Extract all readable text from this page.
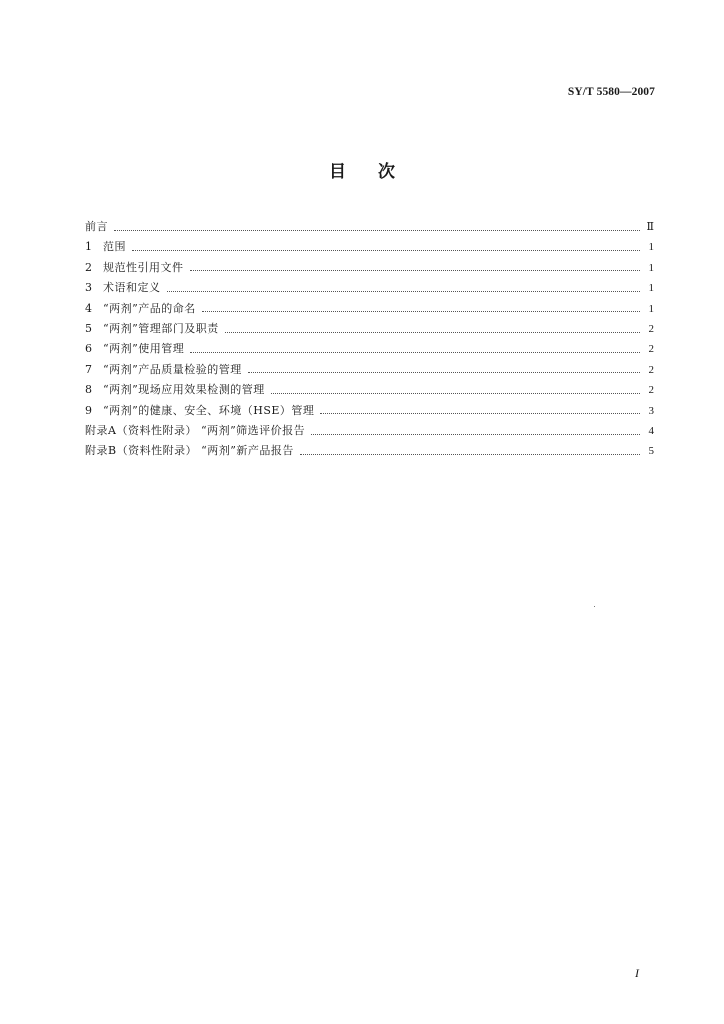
SY/T 5580—2007
目次
前言	Ⅱ
1	范围	1
2	规范性引用文件	1
3	术语和定义	1
4	“两剂”产品的命名	1
5	“两剂”管理部门及职责	2
6	“两剂”使用管理	2
7	“两剂”产品质量检验的管理	2
8	“两剂”现场应用效果检测的管理	2
9	“两剂”的健康、安全、环境（HSE）管理	3
附录A（资料性附录） “两剂”筛选评价报告	4
附录B（资料性附录） “两剂”新产品报告	5
I
